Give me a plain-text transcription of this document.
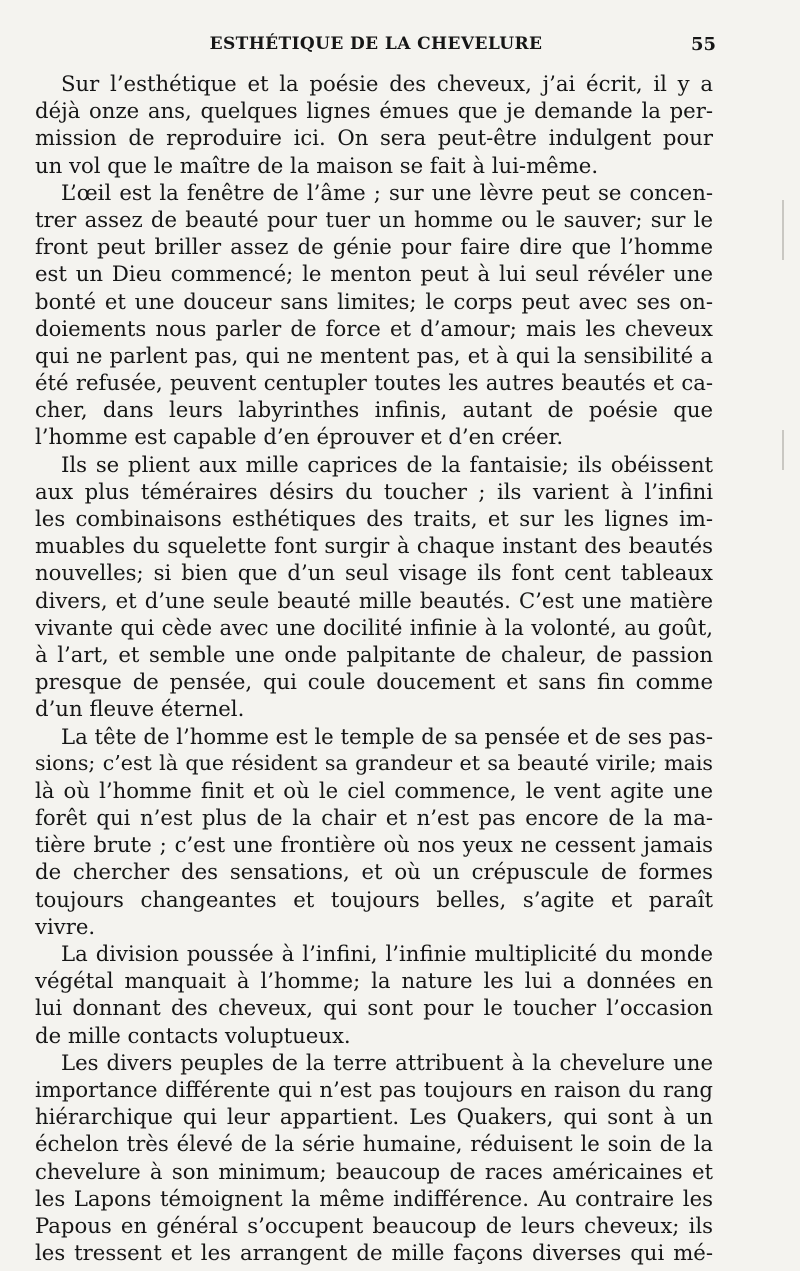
ESTHÉTIQUE DE LA CHEVELURE	55
Sur l’esthétique et la poésie des cheveux, j’ai écrit, il y a
déjà onze ans, quelques lignes émues que je demande la per-
mission de reproduire ici. On sera peut-être indulgent pour
un vol que le maître de la maison se fait à lui-même.
L’œil est la fenêtre de l’âme ; sur une lèvre peut se concen-
trer assez de beauté pour tuer un homme ou le sauver; sur le
front peut briller assez de génie pour faire dire que l’homme
est un Dieu commencé; le menton peut à lui seul révéler une
bonté et une douceur sans limites; le corps peut avec ses on-
doiements nous parler de force et d’amour; mais les cheveux
qui ne parlent pas, qui ne mentent pas, et à qui la sensibilité a
été refusée, peuvent centupler toutes les autres beautés et ca-
cher, dans leurs labyrinthes infinis, autant de poésie que
l’homme est capable d’en éprouver et d’en créer.
Ils se plient aux mille caprices de la fantaisie; ils obéissent
aux plus téméraires désirs du toucher ; ils varient à l’infini
les combinaisons esthétiques des traits, et sur les lignes im-
muables du squelette font surgir à chaque instant des beautés
nouvelles; si bien que d’un seul visage ils font cent tableaux
divers, et d’une seule beauté mille beautés. C’est une matière
vivante qui cède avec une docilité infinie à la volonté, au goût,
à l’art, et semble une onde palpitante de chaleur, de passion
presque de pensée, qui coule doucement et sans fin comme
d’un fleuve éternel.
La tête de l’homme est le temple de sa pensée et de ses pas-
sions; c’est là que résident sa grandeur et sa beauté virile; mais
là où l’homme finit et où le ciel commence, le vent agite une
forêt qui n’est plus de la chair et n’est pas encore de la ma-
tière brute ; c’est une frontière où nos yeux ne cessent jamais
de chercher des sensations, et où un crépuscule de formes
toujours changeantes et toujours belles, s’agite et paraît
vivre.
La division poussée à l’infini, l’infinie multiplicité du monde
végétal manquait à l’homme; la nature les lui a données en
lui donnant des cheveux, qui sont pour le toucher l’occasion
de mille contacts voluptueux.
Les divers peuples de la terre attribuent à la chevelure une
importance différente qui n’est pas toujours en raison du rang
hiérarchique qui leur appartient. Les Quakers, qui sont à un
échelon très élevé de la série humaine, réduisent le soin de la
chevelure à son minimum; beaucoup de races américaines et
les Lapons témoignent la même indifférence. Au contraire les
Papous en général s’occupent beaucoup de leurs cheveux; ils
les tressent et les arrangent de mille façons diverses qui mé-
